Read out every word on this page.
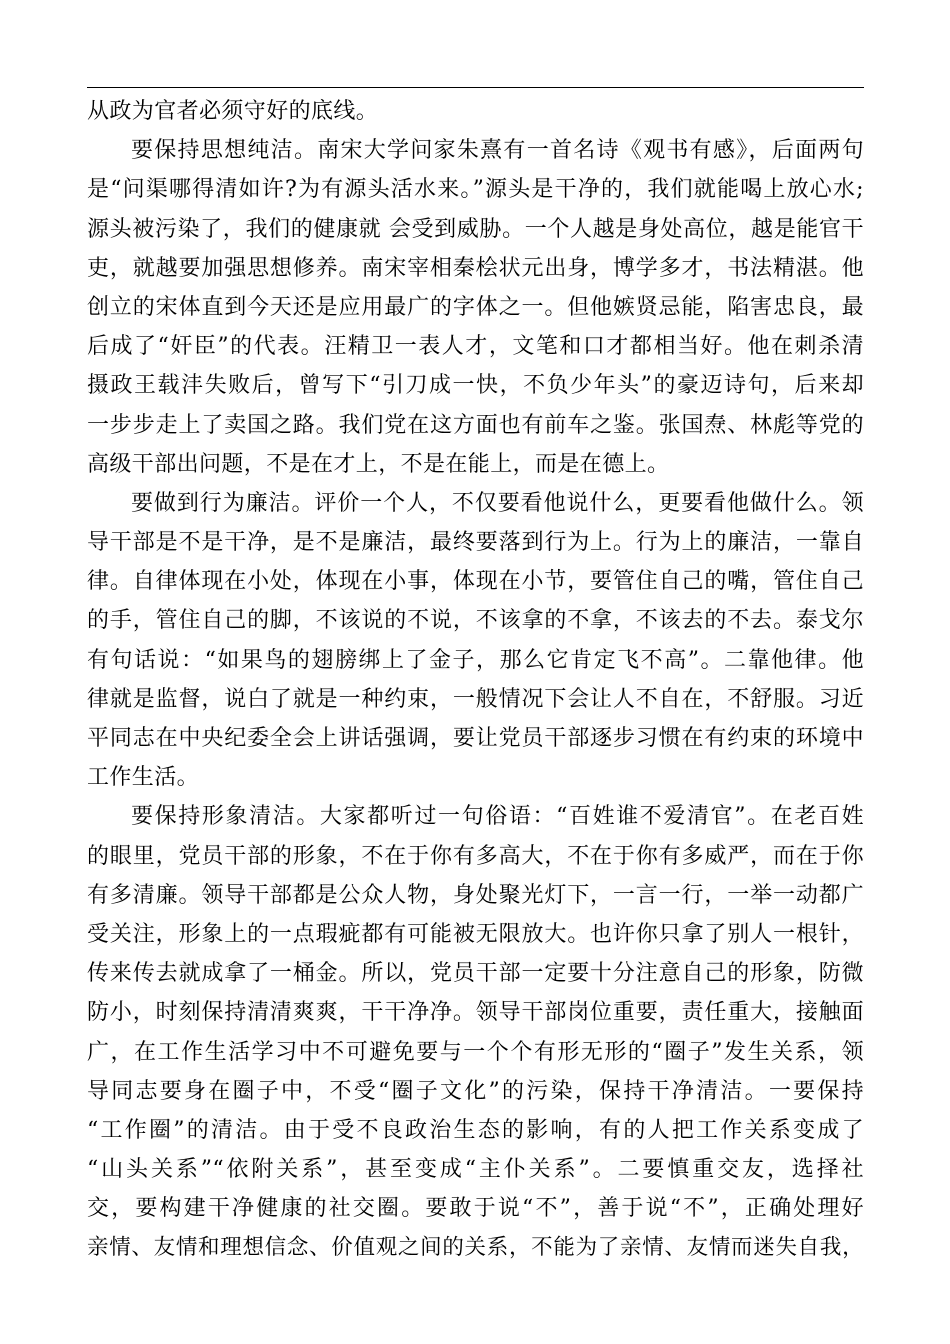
从政为官者必须守好的底线。
要保持思想纯洁。南宋大学问家朱熹有一首名诗《观书有感》，后面两句
是“问渠哪得清如许?为有源头活水来。”源头是干净的，我们就能喝上放心水;
源头被污染了，我们的健康就 会受到威胁。一个人越是身处高位，越是能官干
吏，就越要加强思想修养。南宋宰相秦桧状元出身，博学多才，书法精湛。他
创立的宋体直到今天还是应用最广的字体之一。但他嫉贤忌能，陷害忠良，最
后成了“奸臣”的代表。汪精卫一表人才，文笔和口才都相当好。他在刺杀清
摄政王载沣失败后，曾写下“引刀成一快，不负少年头”的豪迈诗句，后来却
一步步走上了卖国之路。我们党在这方面也有前车之鉴。张国焘、林彪等党的
高级干部出问题，不是在才上，不是在能上，而是在德上。
要做到行为廉洁。评价一个人，不仅要看他说什么，更要看他做什么。领
导干部是不是干净，是不是廉洁，最终要落到行为上。行为上的廉洁，一靠自
律。自律体现在小处，体现在小事，体现在小节，要管住自己的嘴，管住自己
的手，管住自己的脚，不该说的不说，不该拿的不拿，不该去的不去。泰戈尔
有句话说：“如果鸟的翅膀绑上了金子，那么它肯定飞不高”。二靠他律。他
律就是监督，说白了就是一种约束，一般情况下会让人不自在，不舒服。习近
平同志在中央纪委全会上讲话强调，要让党员干部逐步习惯在有约束的环境中
工作生活。
要保持形象清洁。大家都听过一句俗语：“百姓谁不爱清官”。在老百姓
的眼里，党员干部的形象，不在于你有多高大，不在于你有多威严，而在于你
有多清廉。领导干部都是公众人物，身处聚光灯下，一言一行，一举一动都广
受关注，形象上的一点瑕疵都有可能被无限放大。也许你只拿了别人一根针，
传来传去就成拿了一桶金。所以，党员干部一定要十分注意自己的形象，防微
防小，时刻保持清清爽爽，干干净净。领导干部岗位重要，责任重大，接触面
广，在工作生活学习中不可避免要与一个个有形无形的“圈子”发生关系，领
导同志要身在圈子中，不受“圈子文化”的污染，保持干净清洁。一要保持
“工作圈”的清洁。由于受不良政治生态的影响，有的人把工作关系变成了
“山头关系”“依附关系”，甚至变成“主仆关系”。二要慎重交友，选择社
交，要构建干净健康的社交圈。要敢于说“不”，善于说“不”，正确处理好
亲情、友情和理想信念、价值观之间的关系，不能为了亲情、友情而迷失自我，
